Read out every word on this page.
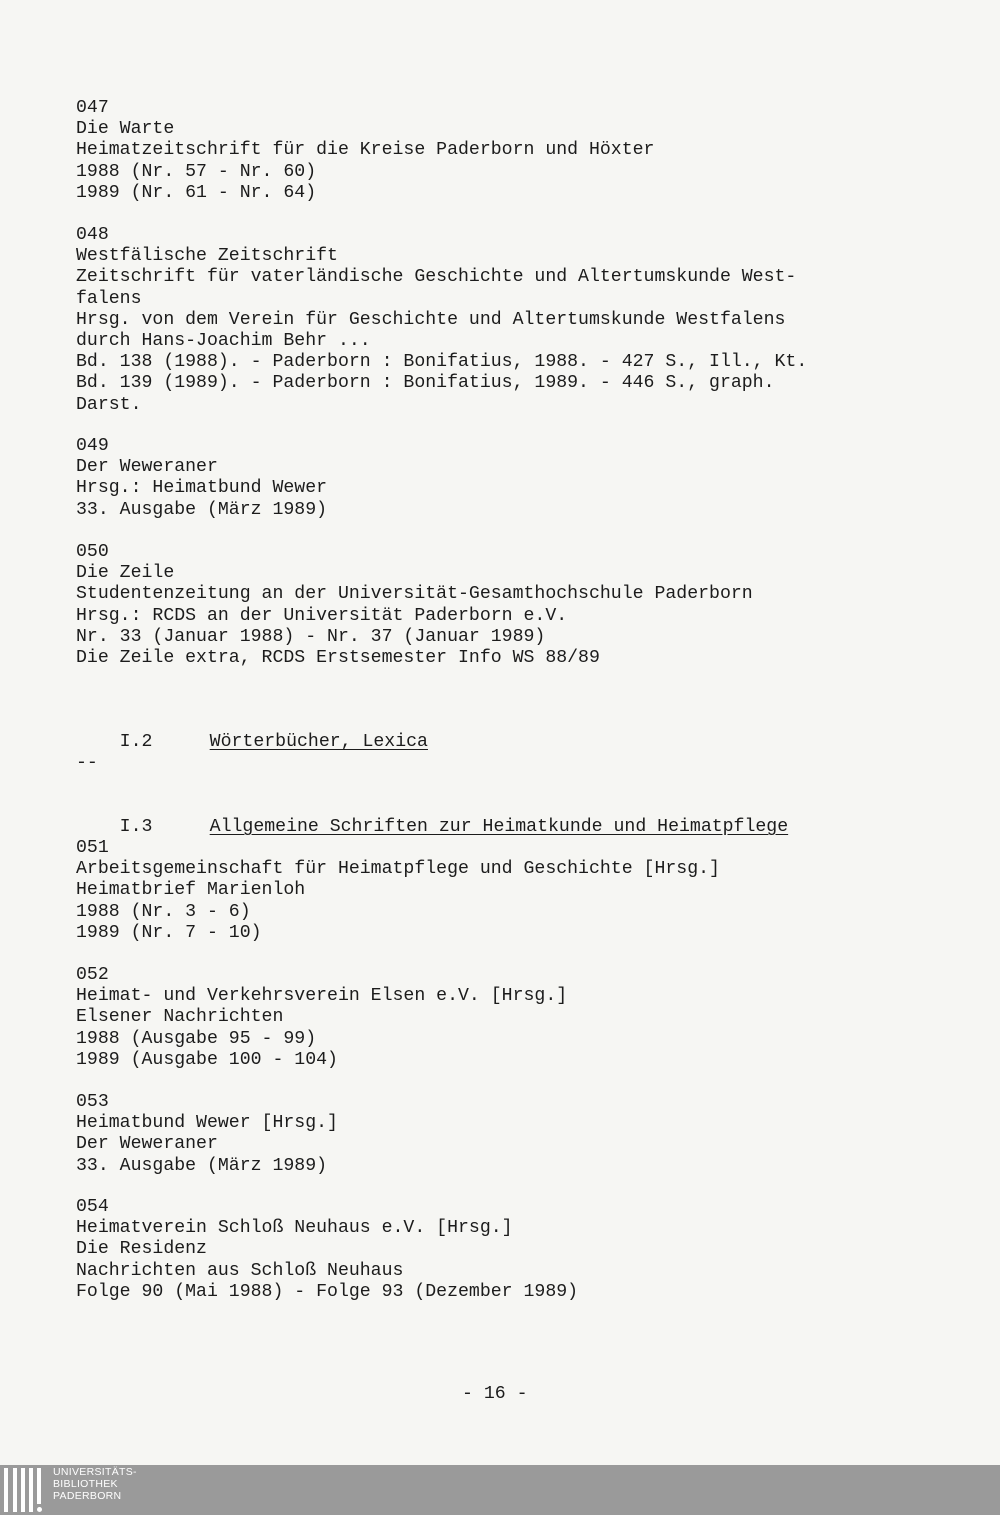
047
Die Warte
Heimatzeitschrift für die Kreise Paderborn und Höxter
1988 (Nr. 57 - Nr. 60)
1989 (Nr. 61 - Nr. 64)
048
Westfälische Zeitschrift
Zeitschrift für vaterländische Geschichte und Altertumskunde West-
falens
Hrsg. von dem Verein für Geschichte und Altertumskunde Westfalens
durch Hans-Joachim Behr ...
Bd. 138 (1988). - Paderborn : Bonifatius, 1988. - 427 S., Ill., Kt.
Bd. 139 (1989). - Paderborn : Bonifatius, 1989. - 446 S., graph.
Darst.
049
Der Weweraner
Hrsg.: Heimatbund Wewer
33. Ausgabe (März 1989)
050
Die Zeile
Studentenzeitung an der Universität-Gesamthochschule Paderborn
Hrsg.: RCDS an der Universität Paderborn e.V.
Nr. 33 (Januar 1988) - Nr. 37 (Januar 1989)
Die Zeile extra, RCDS Erstsemester Info WS 88/89

I.2	Wörterbücher, Lexica

--

I.3	Allgemeine Schriften zur Heimatkunde und Heimatpflege

051
Arbeitsgemeinschaft für Heimatpflege und Geschichte [Hrsg.]
Heimatbrief Marienloh
1988 (Nr. 3 - 6)
1989 (Nr. 7 - 10)
052
Heimat- und Verkehrsverein Elsen e.V. [Hrsg.]
Elsener Nachrichten
1988 (Ausgabe 95 - 99)
1989 (Ausgabe 100 - 104)
053
Heimatbund Wewer [Hrsg.]
Der Weweraner
33. Ausgabe (März 1989)
054
Heimatverein Schloß Neuhaus e.V. [Hrsg.]
Die Residenz
Nachrichten aus Schloß Neuhaus
Folge 90 (Mai 1988) - Folge 93 (Dezember 1989)
- 16 -
UNIVERSITÄTS-
BIBLIOTHEK
PADERBORN
